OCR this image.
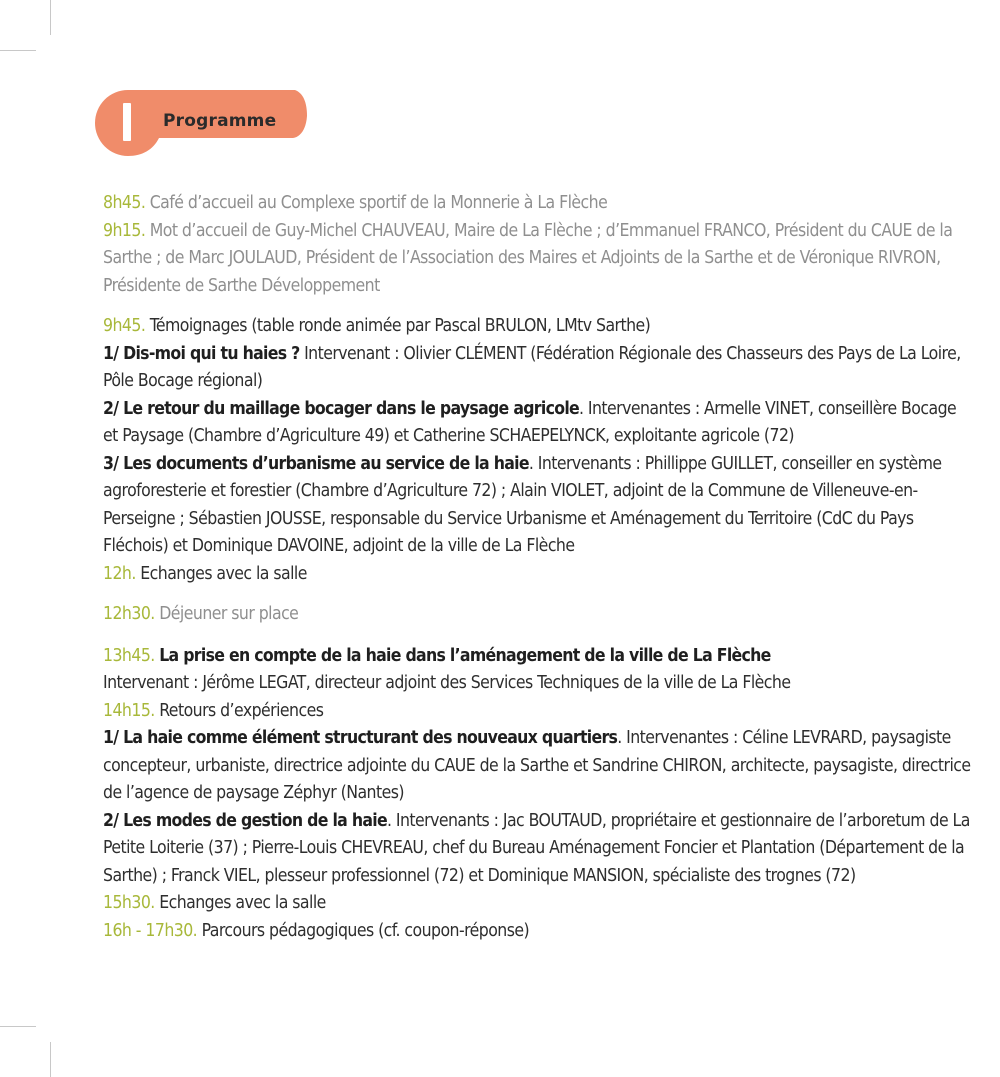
Programme

8h45. Café d’accueil au Complexe sportif de la Monnerie à La Flèche

9h15. Mot d’accueil de Guy-Michel CHAUVEAU, Maire de La Flèche ; d’Emmanuel FRANCO, Président du CAUE de la Sarthe ; de Marc JOULAUD, Président de l’Association des Maires et Adjoints de la Sarthe et de Véronique RIVRON, Présidente de Sarthe Développement

9h45. Témoignages (table ronde animée par Pascal BRULON, LMtv Sarthe)

1/ Dis-moi qui tu haies ? Intervenant : Olivier CLÉMENT (Fédération Régionale des Chasseurs des Pays de La Loire, Pôle Bocage régional)

2/ Le retour du maillage bocager dans le paysage agricole. Intervenantes : Armelle VINET, conseillère Bocage et Paysage (Chambre d’Agriculture 49) et Catherine SCHAEPELYNCK, exploitante agricole (72)

3/ Les documents d’urbanisme au service de la haie. Intervenants : Phillippe GUILLET, conseiller en système agroforesterie et forestier (Chambre d’Agriculture 72) ; Alain VIOLET, adjoint de la Commune de Villeneuve-en-Perseigne ; Sébastien JOUSSE, responsable du Service Urbanisme et Aménagement du Territoire (CdC du Pays Fléchois) et Dominique DAVOINE, adjoint de la ville de La Flèche

12h. Echanges avec la salle

12h30. Déjeuner sur place

13h45. La prise en compte de la haie dans l’aménagement de la ville de La Flèche

Intervenant : Jérôme LEGAT, directeur adjoint des Services Techniques de la ville de La Flèche

14h15. Retours d’expériences

1/ La haie comme élément structurant des nouveaux quartiers. Intervenantes : Céline LEVRARD, paysagiste concepteur, urbaniste, directrice adjointe du CAUE de la Sarthe et Sandrine CHIRON, architecte, paysagiste, directrice de l’agence de paysage Zéphyr (Nantes)

2/ Les modes de gestion de la haie. Intervenants : Jac BOUTAUD, propriétaire et gestionnaire de l’arboretum de La Petite Loiterie (37) ; Pierre-Louis CHEVREAU, chef du Bureau Aménagement Foncier et Plantation (Département de la Sarthe) ; Franck VIEL, plesseur professionnel (72) et Dominique MANSION, spécialiste des trognes (72)

15h30. Echanges avec la salle

16h - 17h30. Parcours pédagogiques (cf. coupon-réponse)
